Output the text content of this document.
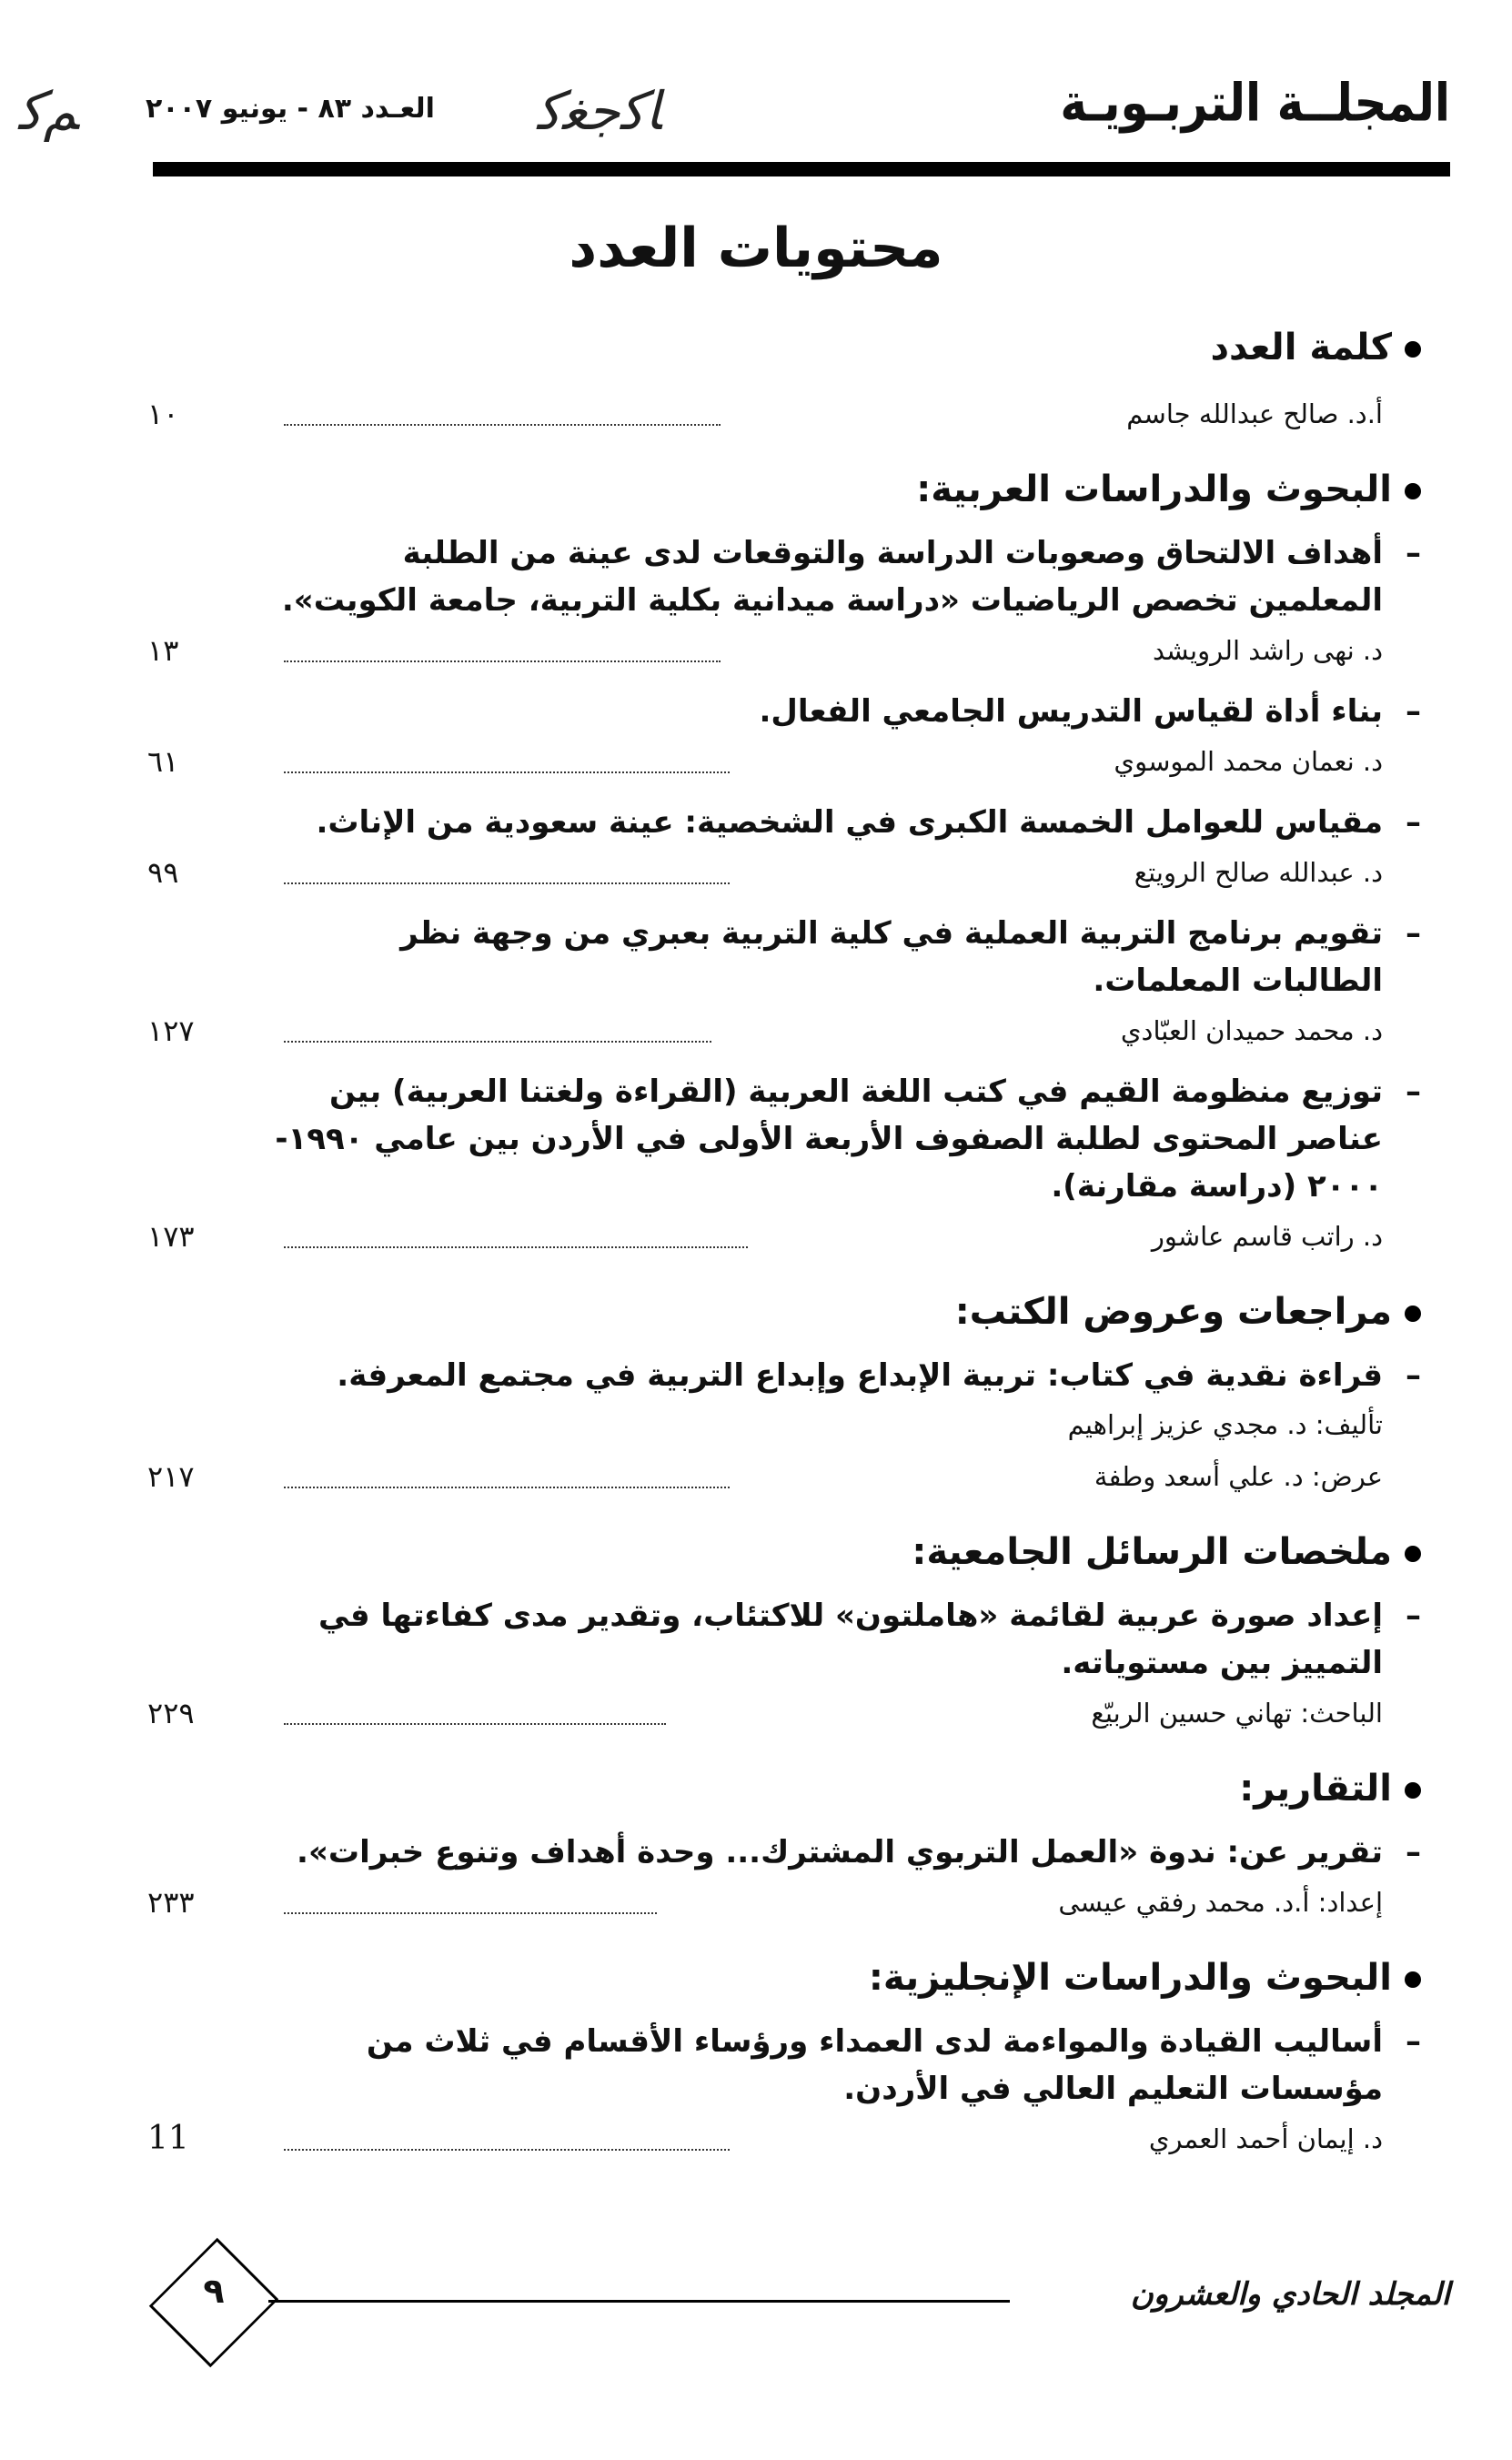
ﻢﻛ العـدد ٨٣ - يونيو ٢٠٠٧ ﺎﻛﺟﻐﻛ	المجلــة التربـويـة
محتويات العدد
كلمة العدد
أ.د. صالح عبدالله جاسم
١٠
البحوث والدراسات العربية:
–
أهداف الالتحاق وصعوبات الدراسة والتوقعات لدى عينة من الطلبة المعلمين تخصص الرياضيات «دراسة ميدانية بكلية التربية، جامعة الكويت».
د. نهى راشد الرويشد
١٣
–
بناء أداة لقياس التدريس الجامعي الفعال.
د. نعمان محمد الموسوي
٦١
–
مقياس للعوامل الخمسة الكبرى في الشخصية: عينة سعودية من الإناث.
د. عبدالله صالح الرويتع
٩٩
–
تقويم برنامج التربية العملية في كلية التربية بعبري من وجهة نظر الطالبات المعلمات.
د. محمد حميدان العبّادي
١٢٧
–
توزيع منظومة القيم في كتب اللغة العربية (القراءة ولغتنا العربية) بين عناصر المحتوى لطلبة الصفوف الأربعة الأولى في الأردن بين عامي ١٩٩٠- ٢٠٠٠ (دراسة مقارنة).
د. راتب قاسم عاشور
١٧٣
مراجعات وعروض الكتب:
–
قراءة نقدية في كتاب: تربية الإبداع وإبداع التربية في مجتمع المعرفة.
تأليف: د. مجدي عزيز إبراهيم
عرض: د. علي أسعد وطفة
٢١٧
ملخصات الرسائل الجامعية:
–
إعداد صورة عربية لقائمة «هاملتون» للاكتئاب، وتقدير مدى كفاءتها في التمييز بين مستوياته.
الباحث: تهاني حسين الربيّع
٢٢٩
التقارير:
–
تقرير عن: ندوة «العمل التربوي المشترك... وحدة أهداف وتنوع خبرات».
إعداد: أ.د. محمد رفقي عيسى
٢٣٣
البحوث والدراسات الإنجليزية:
–
أساليب القيادة والمواءمة لدى العمداء ورؤساء الأقسام في ثلاث من مؤسسات التعليم العالي في الأردن.
د. إيمان أحمد العمري
11
٩	المجلد الحادي والعشرون
